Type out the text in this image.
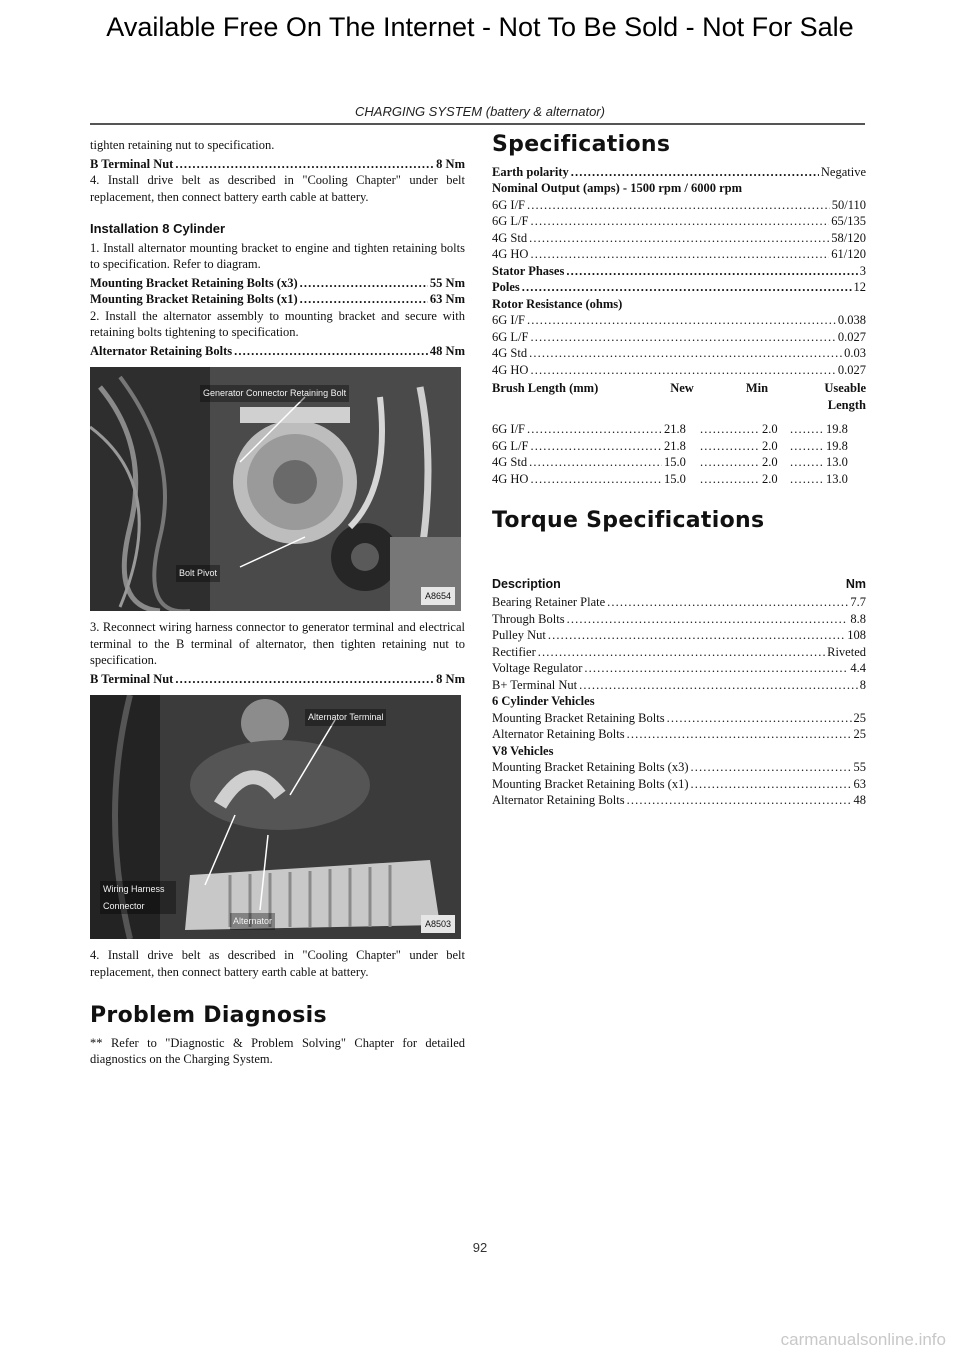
Available Free On The Internet - Not To Be Sold - Not For Sale
CHARGING SYSTEM (battery & alternator)

tighten retaining nut to specification.

B Terminal Nut . . .	8 Nm

4. Install drive belt as described in "Cooling Chapter" under belt replacement, then connect battery earth cable at battery.

Installation 8 Cylinder

1. Install alternator mounting bracket to engine and tighten retaining bolts to specification. Refer to diagram.

Mounting Bracket Retaining Bolts (x3) . . .	55 Nm
Mounting Bracket Retaining Bolts (x1) . . .	63 Nm

2. Install the alternator assembly to mounting bracket and secure with retaining bolts tightening to specification.

Alternator Retaining Bolts . . .	48 Nm
Generator Connector Retaining Bolt
Bolt Pivot
A8654

3. Reconnect wiring harness connector to generator terminal and electrical terminal to the B terminal of alternator, then tighten retaining nut to specification.

B Terminal Nut . . .	8 Nm
Alternator Terminal
Wiring Harness Connector
Alternator	A8503

4. Install drive belt as described in "Cooling Chapter" under belt replacement, then connect battery earth cable at battery.

Problem Diagnosis

** Refer to "Diagnostic & Problem Solving" Chapter for detailed diagnostics on the Charging System.

Specifications
Earth polarity . . .	Negative
Nominal Output (amps) - 1500 rpm / 6000 rpm
6G I/F . . .	50/110
6G L/F . . .	65/135
4G Std . . .	58/120
4G HO . . .	61/120
Stator Phases . . .	3
Poles . . .	12
Rotor Resistance (ohms)
6G I/F . . .	0.038
6G L/F . . .	0.027
4G Std . . .	0.03
4G HO . . .	0.027
Brush Length (mm)	New	Min	Useable Length
6G I/F . . .	21.8 . . .	2.0 . . .	19.8
6G L/F . . .	21.8 . . .	2.0 . . .	19.8
4G Std . . .	15.0 . . .	2.0 . . .	13.0
4G HO . . .	15.0 . . .	2.0 . . .	13.0
Torque Specifications
Description	Nm
Bearing Retainer Plate . . .	7.7
Through Bolts . . .	8.8
Pulley Nut . . .	108
Rectifier . . .	Riveted
Voltage Regulator . . .	4.4
B+ Terminal Nut . . .	8
6 Cylinder Vehicles
Mounting Bracket Retaining Bolts . . .	25
Alternator Retaining Bolts . . .	25
V8 Vehicles
Mounting Bracket Retaining Bolts (x3) . . .	55
Mounting Bracket Retaining Bolts (x1) . . .	63
Alternator Retaining Bolts . . .	48
92
carmanualsonline.info
